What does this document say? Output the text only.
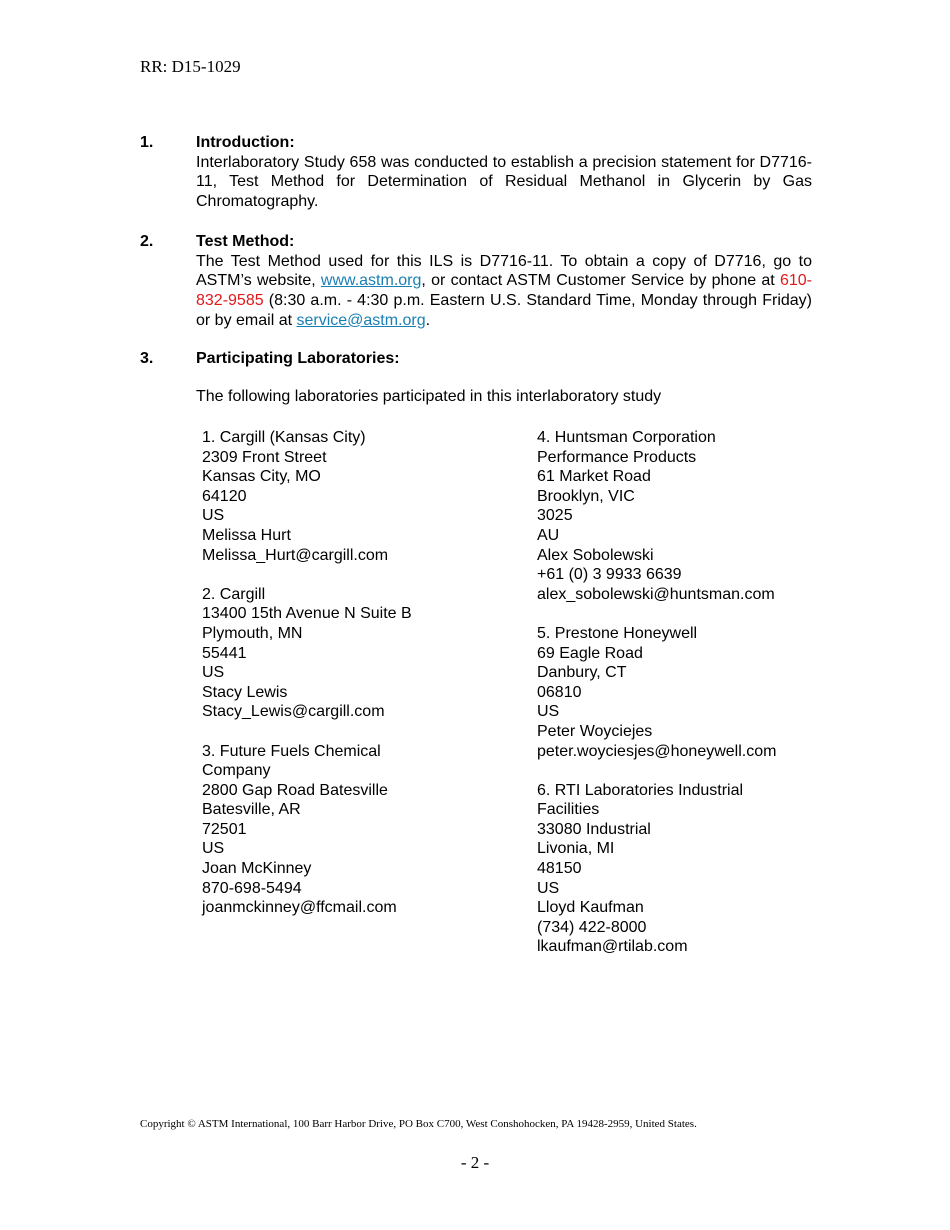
RR: D15-1029
1.	Introduction:
Interlaboratory Study 658 was conducted to establish a precision statement for D7716-11, Test Method for Determination of Residual Methanol in Glycerin by Gas Chromatography.
2.	Test Method:
The Test Method used for this ILS is D7716-11. To obtain a copy of D7716, go to ASTM’s website, www.astm.org, or contact ASTM Customer Service by phone at 610-832-9585 (8:30 a.m. - 4:30 p.m. Eastern U.S. Standard Time, Monday through Friday) or by email at service@astm.org.
3.	Participating Laboratories:
The following laboratories participated in this interlaboratory study
1. Cargill (Kansas City)
2309 Front Street
Kansas City, MO
64120
US
Melissa Hurt
Melissa_Hurt@cargill.com
2. Cargill
13400 15th Avenue N Suite B
Plymouth, MN
55441
US
Stacy Lewis
Stacy_Lewis@cargill.com
3. Future Fuels Chemical
Company
2800 Gap Road Batesville
Batesville, AR
72501
US
Joan McKinney
870-698-5494
joanmckinney@ffcmail.com
4. Huntsman Corporation
Performance Products
61 Market Road
Brooklyn, VIC
3025
AU
Alex Sobolewski
+61 (0) 3 9933 6639
alex_sobolewski@huntsman.com
5. Prestone Honeywell
69 Eagle Road
Danbury, CT
06810
US
Peter Woyciejes
peter.woyciesjes@honeywell.com
6. RTI Laboratories Industrial
Facilities
33080 Industrial
Livonia, MI
48150
US
Lloyd Kaufman
(734) 422-8000
lkaufman@rtilab.com
Copyright © ASTM International, 100 Barr Harbor Drive, PO Box C700, West Conshohocken, PA 19428-2959, United States.
- 2 -
